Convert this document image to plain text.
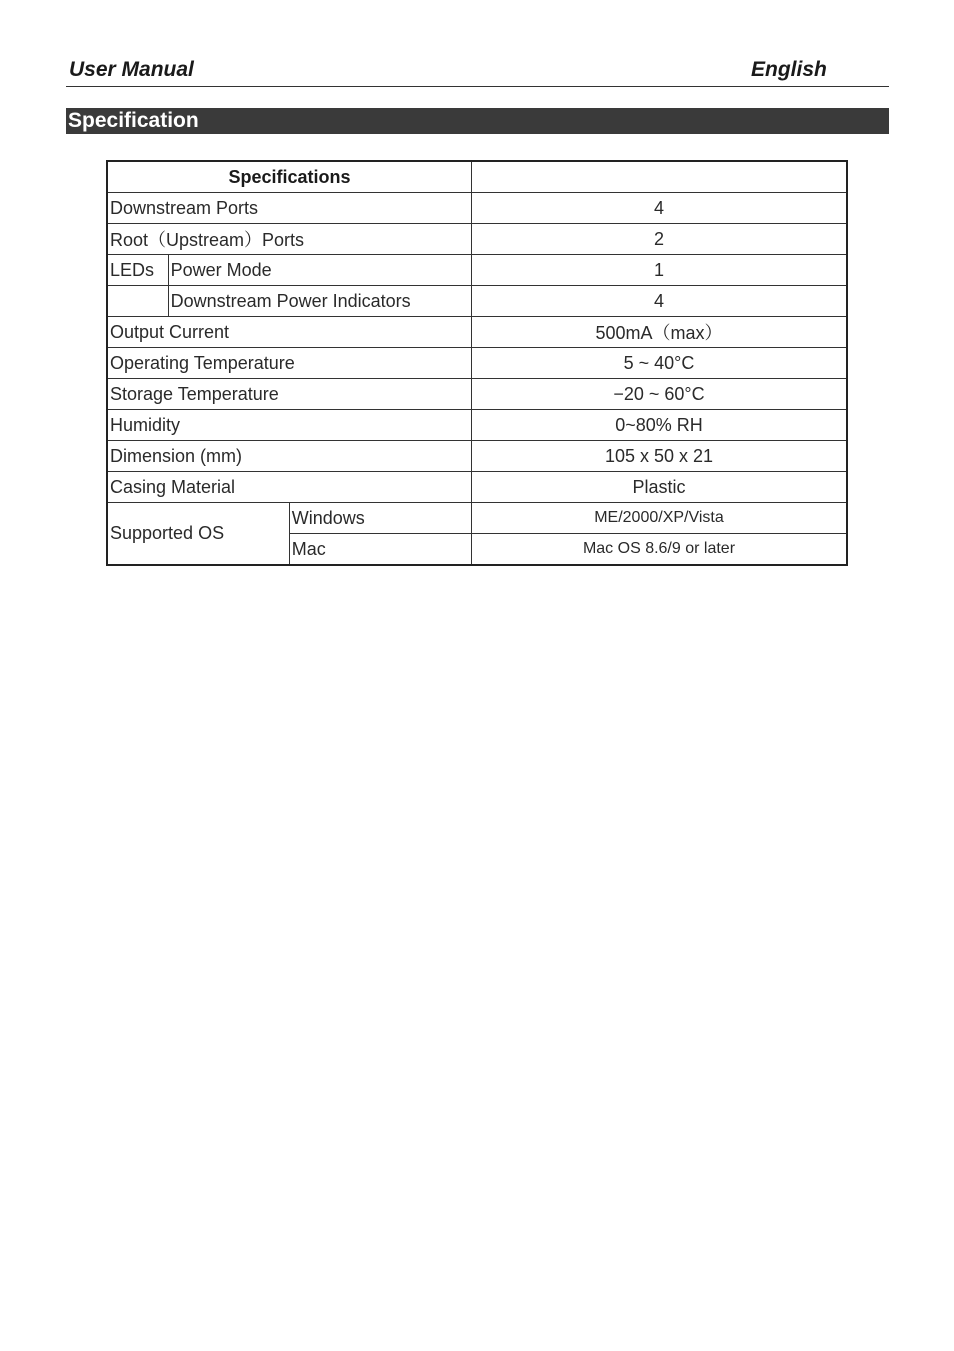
User Manual	English
Specification
Specifications			
Downstream Ports			4
Root（Upstream）Ports			2
LEDs	Power Mode		1
	Downstream Power Indicators		4
Output Current			500mA（max）
Operating Temperature			5 ~ 40°C
Storage Temperature			−20 ~ 60°C
Humidity			0~80% RH
Dimension (mm)			105 x 50 x 21
Casing Material			Plastic
Supported OS		Windows	ME/2000/XP/Vista
		Mac	Mac OS 8.6/9 or later
